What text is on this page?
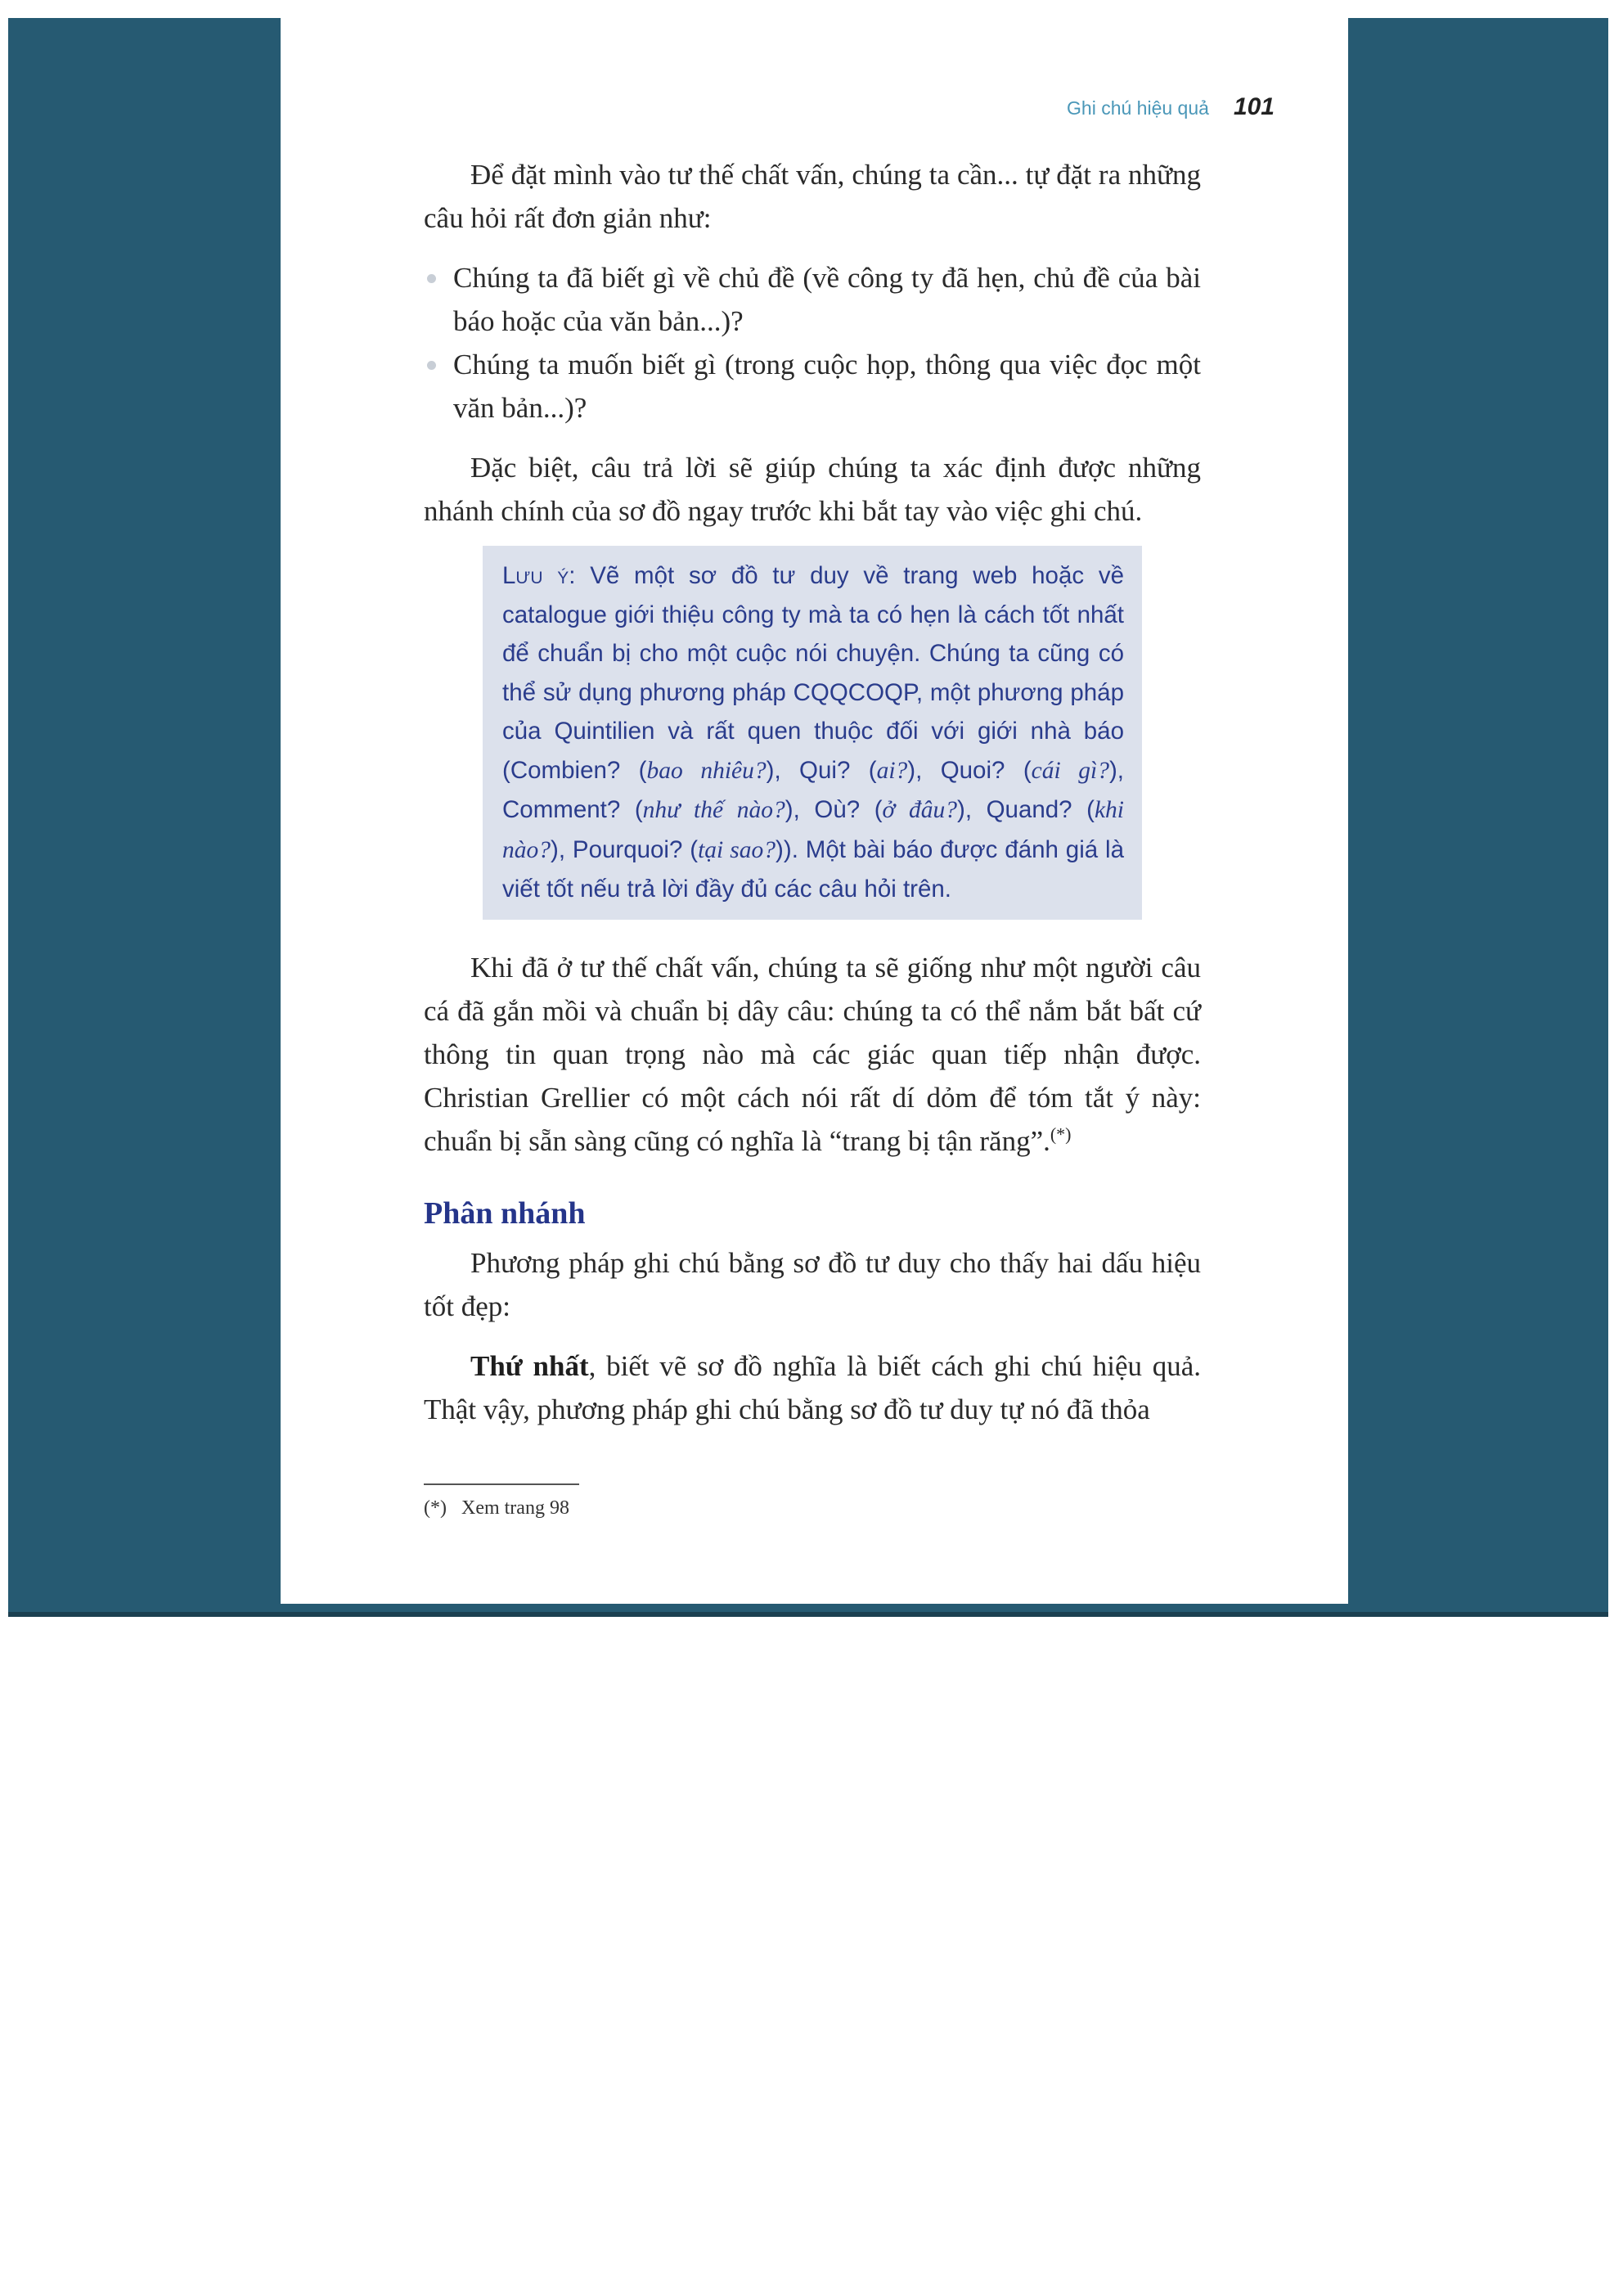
Ghi chú hiệu quả 101

Để đặt mình vào tư thế chất vấn, chúng ta cần... tự đặt ra những câu hỏi rất đơn giản như:

Chúng ta đã biết gì về chủ đề (về công ty đã hẹn, chủ đề của bài báo hoặc của văn bản...)?
Chúng ta muốn biết gì (trong cuộc họp, thông qua việc đọc một văn bản...)?

Đặc biệt, câu trả lời sẽ giúp chúng ta xác định được những nhánh chính của sơ đồ ngay trước khi bắt tay vào việc ghi chú.

Lưu ý: Vẽ một sơ đồ tư duy về trang web hoặc về catalogue giới thiệu công ty mà ta có hẹn là cách tốt nhất để chuẩn bị cho một cuộc nói chuyện. Chúng ta cũng có thể sử dụng phương pháp CQQCOQP, một phương pháp của Quintilien và rất quen thuộc đối với giới nhà báo (Combien? (bao nhiêu?), Qui? (ai?), Quoi? (cái gì?), Comment? (như thế nào?), Où? (ở đâu?), Quand? (khi nào?), Pourquoi? (tại sao?)). Một bài báo được đánh giá là viết tốt nếu trả lời đầy đủ các câu hỏi trên.

Khi đã ở tư thế chất vấn, chúng ta sẽ giống như một người câu cá đã gắn mồi và chuẩn bị dây câu: chúng ta có thể nắm bắt bất cứ thông tin quan trọng nào mà các giác quan tiếp nhận được. Christian Grellier có một cách nói rất dí dỏm để tóm tắt ý này: chuẩn bị sẵn sàng cũng có nghĩa là “trang bị tận răng”.(*)

Phân nhánh

Phương pháp ghi chú bằng sơ đồ tư duy cho thấy hai dấu hiệu tốt đẹp:

Thứ nhất, biết vẽ sơ đồ nghĩa là biết cách ghi chú hiệu quả. Thật vậy, phương pháp ghi chú bằng sơ đồ tư duy tự nó đã thỏa

(*) Xem trang 98
